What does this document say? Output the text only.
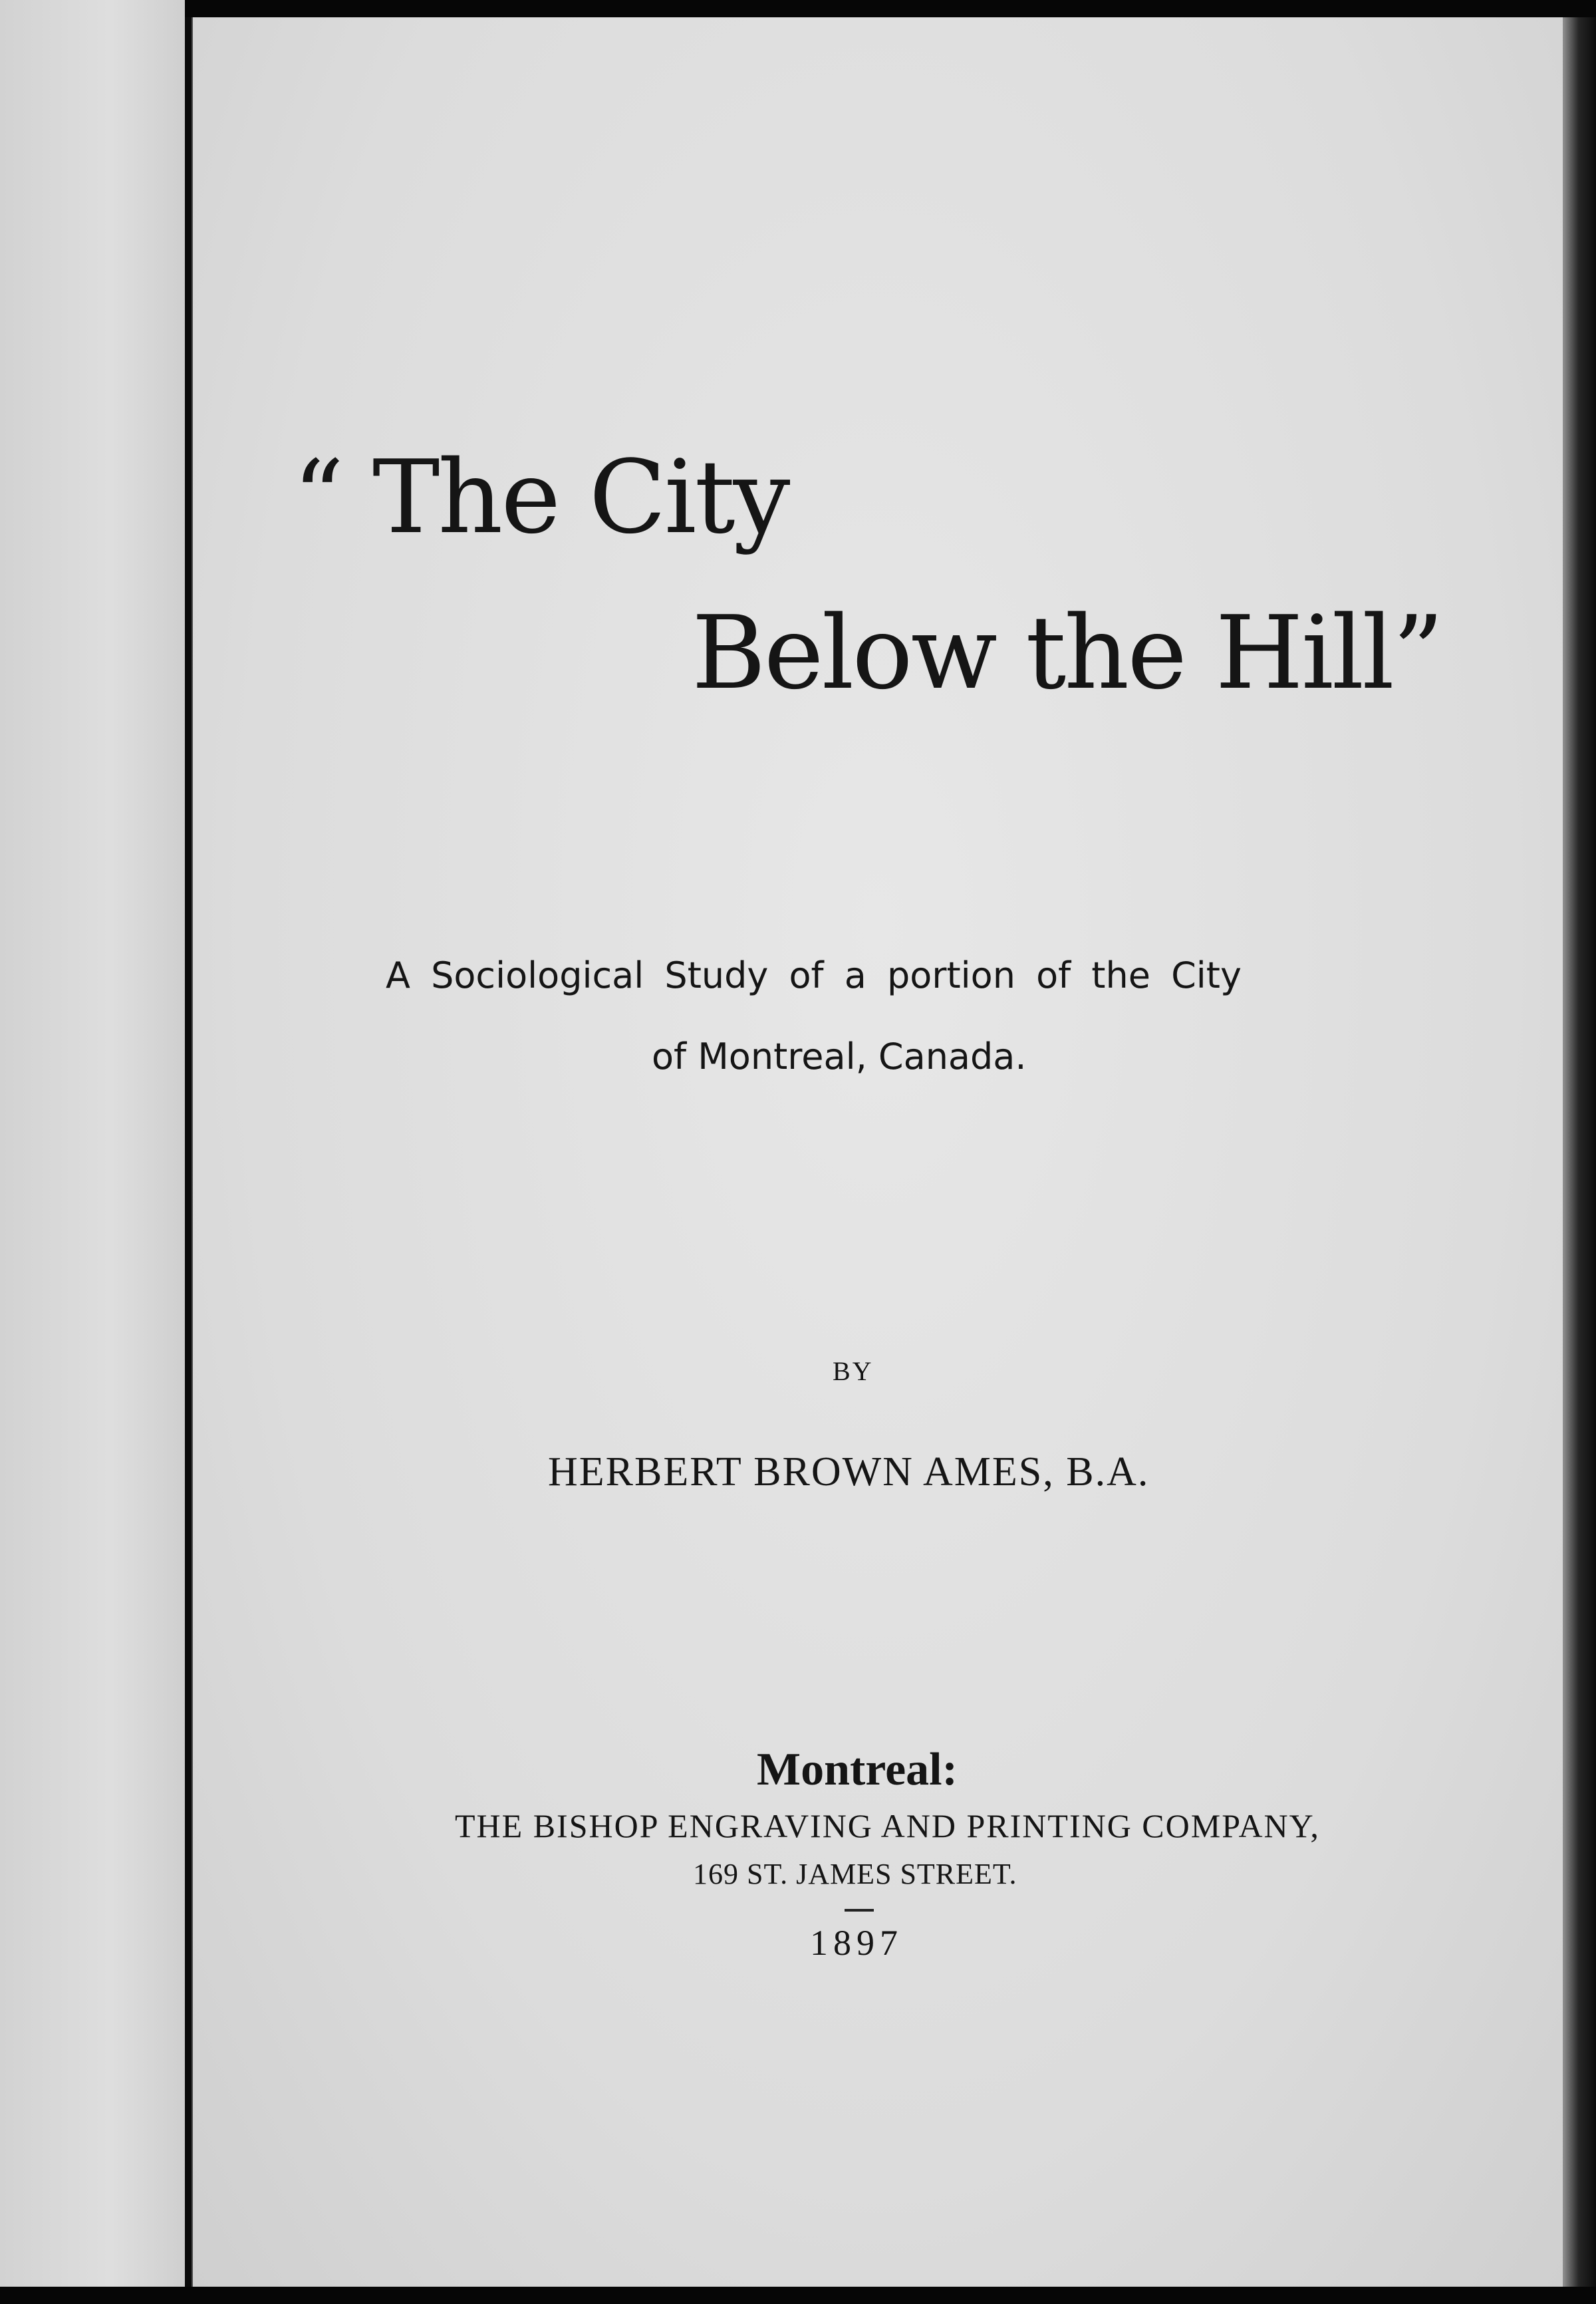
“ The City

Below the Hill”

A Sociological Study of a portion of the City

of Montreal, Canada.

BY

HERBERT BROWN AMES, B.A.

Montreal:

THE BISHOP ENGRAVING AND PRINTING COMPANY,

169 ST. JAMES STREET.

1897
